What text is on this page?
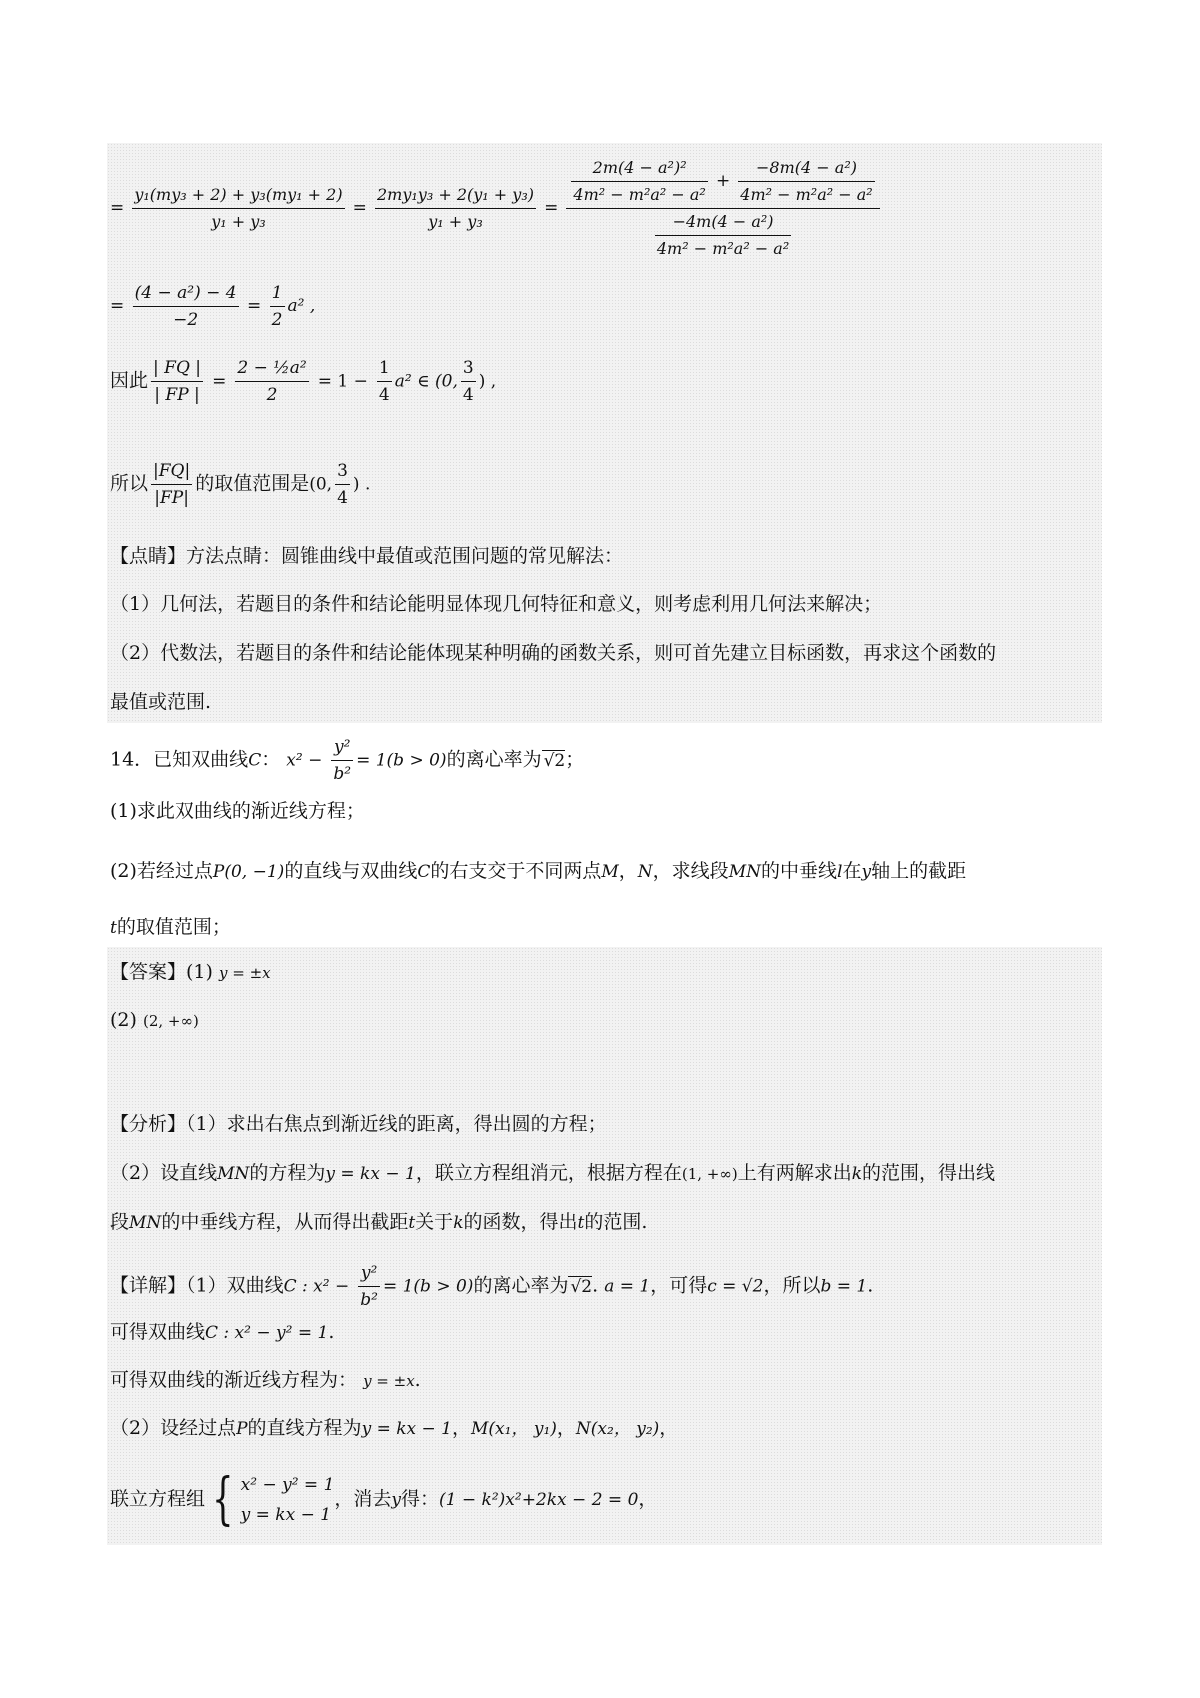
= $\frac{\text{y₁(my₃ + 2) + y₃(my₁ + 2)}}{\text{y₁ + y₃}} = \frac{\text{2my₁y₃ + 2(y₁ + y₃)}}{\text{y₁ + y₃}} = \frac{\text{2m(4 − a²)²}}{\text{4m² − m²a² − a²}} + \frac{\text{−8m(4 − a²)}}{\text{4m² − m²a² − a²}}$
$\frac{\text{−4m(4 − a²)}}{\text{4m² − m²a² − a²}}$
= $\frac{\text{(4 − a²) − 4}}{-2} = \frac{1}{2} a^2$ ,
因此 $\frac{| FQ |}{| FP |} = \frac{\text{2 − ½a²}}{2} = 1 - \frac{1}{4} a^2$ ∈ (0, $\frac{3}{4}$ ) ,
所以 $\frac{|FQ|}{|FP|}$ 的取值范围是(0, $\frac{3}{4}$ ) .
【点睛】方法点睛：圆锥曲线中最值或范围问题的常见解法：
（1）几何法，若题目的条件和结论能明显体现几何特征和意义，则考虑利用几何法来解决；
（2）代数法，若题目的条件和结论能体现某种明确的函数关系，则可首先建立目标函数，再求这个函数的
最值或范围.
14．已知双曲线C： $x^2 - \frac{\text{y²}}{\text{b²}} = 1(b > 0)$的离心率为 √2；
(1)求此双曲线的渐近线方程；
(2)若经过点P(0, −1)的直线与双曲线C的右支交于不同两点M，N，求线段MN的中垂线l在y轴上的截距
t的取值范围；
【答案】(1) y = ±x
(2) (2, +∞)
【分析】（1）求出右焦点到渐近线的距离，得出圆的方程；
（2）设直线MN的方程为y = kx − 1，联立方程组消元，根据方程在(1, +∞)上有两解求出k的范围，得出线
段MN的中垂线方程，从而得出截距t关于k的函数，得出t的范围.
【详解】（1）双曲线C : $x^2 - \frac{\text{y²}}{\text{b²}} = 1(b > 0)$的离心率为 √2. a = 1，可得c = √2，所以b = 1.
可得双曲线C : x² − y² = 1.
可得双曲线的渐近线方程为： y = ±x.
（2）设经过点P的直线方程为y = kx − 1，M(x₁， y₁)，N(x₂， y₂)，
联立方程组 { x² − y² = 1
y = kx − 1
，消去y得：(1 − k²)x²+2kx − 2 = 0，
